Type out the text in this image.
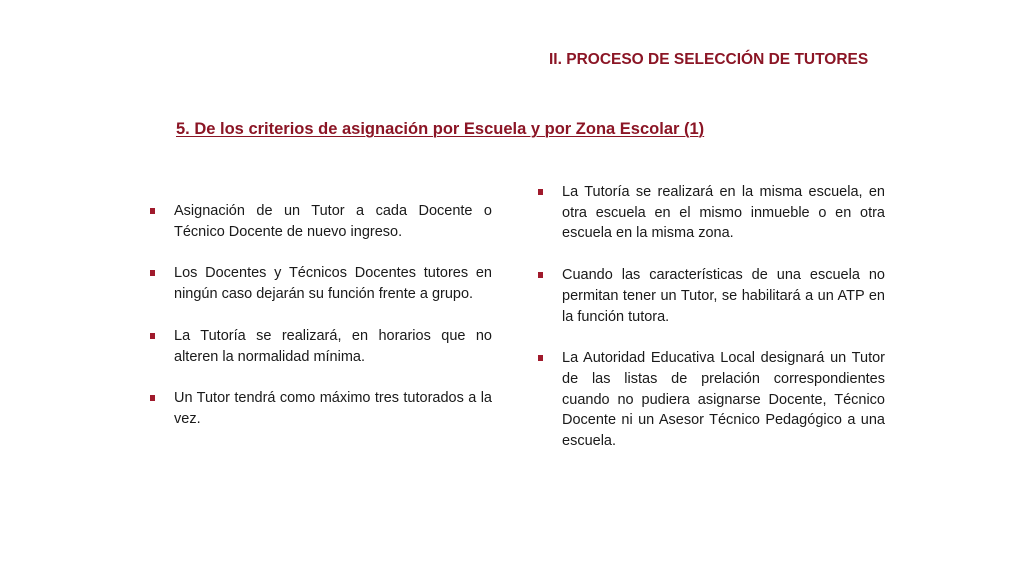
II. PROCESO DE SELECCIÓN DE TUTORES
5. De los criterios de asignación por Escuela y por Zona Escolar (1)
Asignación de un Tutor a cada Docente o Técnico Docente de nuevo ingreso.
Los Docentes y Técnicos Docentes tutores en ningún caso dejarán su función frente a grupo.
La Tutoría se realizará, en horarios que no alteren la normalidad mínima.
Un Tutor tendrá como máximo tres tutorados a la vez.
La Tutoría se realizará en la misma escuela, en otra escuela en el mismo inmueble o en otra escuela en la misma zona.
Cuando las características de una escuela no permitan tener un Tutor, se habilitará a un ATP en la función tutora.
La Autoridad Educativa Local designará un Tutor de las listas de prelación correspondientes cuando no pudiera asignarse Docente, Técnico Docente ni un Asesor Técnico Pedagógico a una escuela.
